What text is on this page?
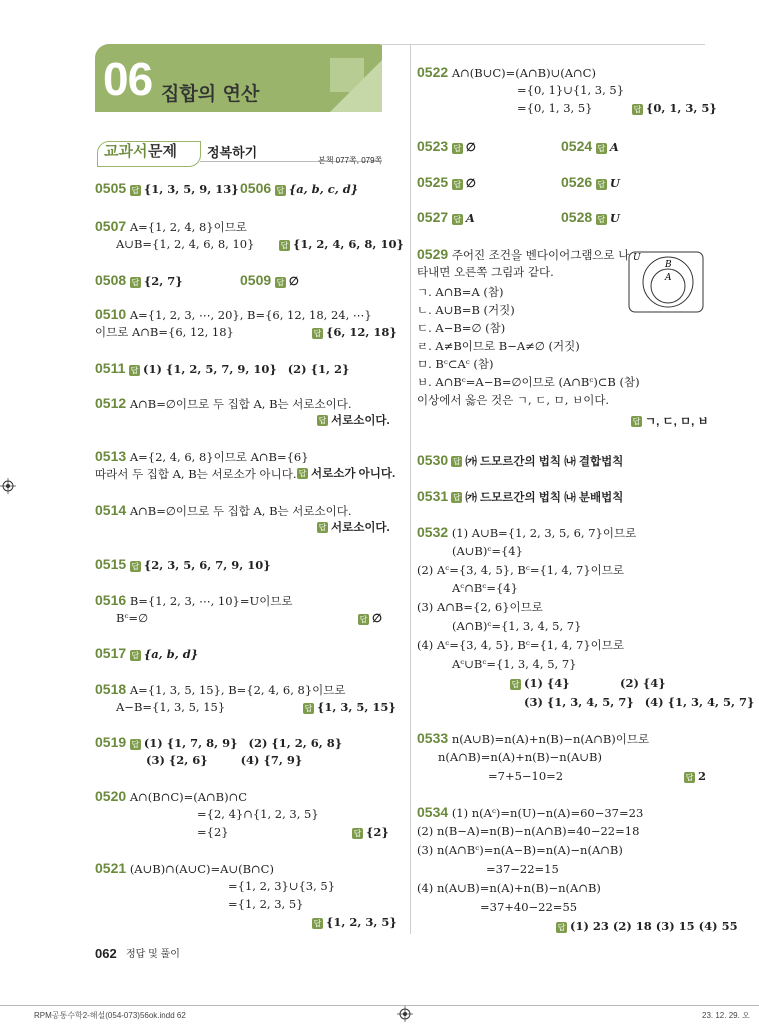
06 집합의 연산
교과서 문제 정복하기
본책 077쪽, 079쪽
0505 답 {1, 3, 5, 9, 13} 0506 답 {a, b, c, d}
0507 A={1, 2, 4, 8}이므로
A∪B={1, 2, 4, 6, 8, 10}	답 {1, 2, 4, 6, 8, 10}
0508 답 {2, 7}	0509 답 ∅
0510 A={1, 2, 3, ⋯, 20}, B={6, 12, 18, 24, ⋯}
이므로 A∩B={6, 12, 18}	답 {6, 12, 18}
0511 답 (1) {1, 2, 5, 7, 9, 10} (2) {1, 2}
0512 A∩B=∅이므로 두 집합 A, B는 서로소이다.
답 서로소이다.
0513 A={2, 4, 6, 8}이므로 A∩B={6}
따라서 두 집합 A, B는 서로소가 아니다. 답 서로소가 아니다.
0514 A∩B=∅이므로 두 집합 A, B는 서로소이다.
답 서로소이다.
0515 답 {2, 3, 5, 6, 7, 9, 10}
0516 B={1, 2, 3, ⋯, 10}=U이므로
Bᶜ=∅	답 ∅
0517 답 {a, b, d}
0518 A={1, 3, 5, 15}, B={2, 4, 6, 8}이므로
A−B={1, 3, 5, 15}	답 {1, 3, 5, 15}
0519 답 (1) {1, 7, 8, 9} (2) {1, 2, 6, 8}
(3) {2, 6}	(4) {7, 9}
0520 A∩(B∩C)=(A∩B)∩C
={2, 4}∩{1, 2, 3, 5}
={2}	답 {2}
0521 (A∪B)∩(A∪C)=A∪(B∩C)
={1, 2, 3}∪{3, 5}
={1, 2, 3, 5}
답 {1, 2, 3, 5}
0522 A∩(B∪C)=(A∩B)∪(A∩C)
={0, 1}∪{1, 3, 5}
={0, 1, 3, 5}	답 {0, 1, 3, 5}
0523 답 ∅	0524 답 A
0525 답 ∅	0526 답 U
0527 답 A	0528 답 U
0529 주어진 조건을 벤다이어그램으로 나
타내면 오른쪽 그림과 같다.
ㄱ. A∩B=A (참)
ㄴ. A∪B=B (거짓)
ㄷ. A−B=∅ (참)
ㄹ. A≠B이므로 B−A≠∅ (거짓)
ㅁ. Bᶜ⊂Aᶜ (참)
ㅂ. A∩Bᶜ=A−B=∅이므로 (A∩Bᶜ)⊂B (참)
이상에서 옳은 것은 ㄱ, ㄷ, ㅁ, ㅂ이다.
답 ㄱ, ㄷ, ㅁ, ㅂ
U
B
A
0530 답 ㈎ 드모르간의 법칙 ㈏ 결합법칙
0531 답 ㈎ 드모르간의 법칙 ㈏ 분배법칙
0532 (1) A∪B={1, 2, 3, 5, 6, 7}이므로
(A∪B)ᶜ={4}
(2) Aᶜ={3, 4, 5}, Bᶜ={1, 4, 7}이므로
Aᶜ∩Bᶜ={4}
(3) A∩B={2, 6}이므로
(A∩B)ᶜ={1, 3, 4, 5, 7}
(4) Aᶜ={3, 4, 5}, Bᶜ={1, 4, 7}이므로
Aᶜ∪Bᶜ={1, 3, 4, 5, 7}
답 (1) {4}	(2) {4}
(3) {1, 3, 4, 5, 7} (4) {1, 3, 4, 5, 7}
0533 n(A∪B)=n(A)+n(B)−n(A∩B)이므로
n(A∩B)=n(A)+n(B)−n(A∪B)
=7+5−10=2	답 2
0534 (1) n(Aᶜ)=n(U)−n(A)=60−37=23
(2) n(B−A)=n(B)−n(A∩B)=40−22=18
(3) n(A∩Bᶜ)=n(A−B)=n(A)−n(A∩B)
=37−22=15
(4) n(A∪B)=n(A)+n(B)−n(A∩B)
=37+40−22=55
답 (1) 23 (2) 18 (3) 15 (4) 55
062 정답 및 풀이
RPM공통수학2-해설(054-073)56ok.indd 62	23. 12. 29. 오
